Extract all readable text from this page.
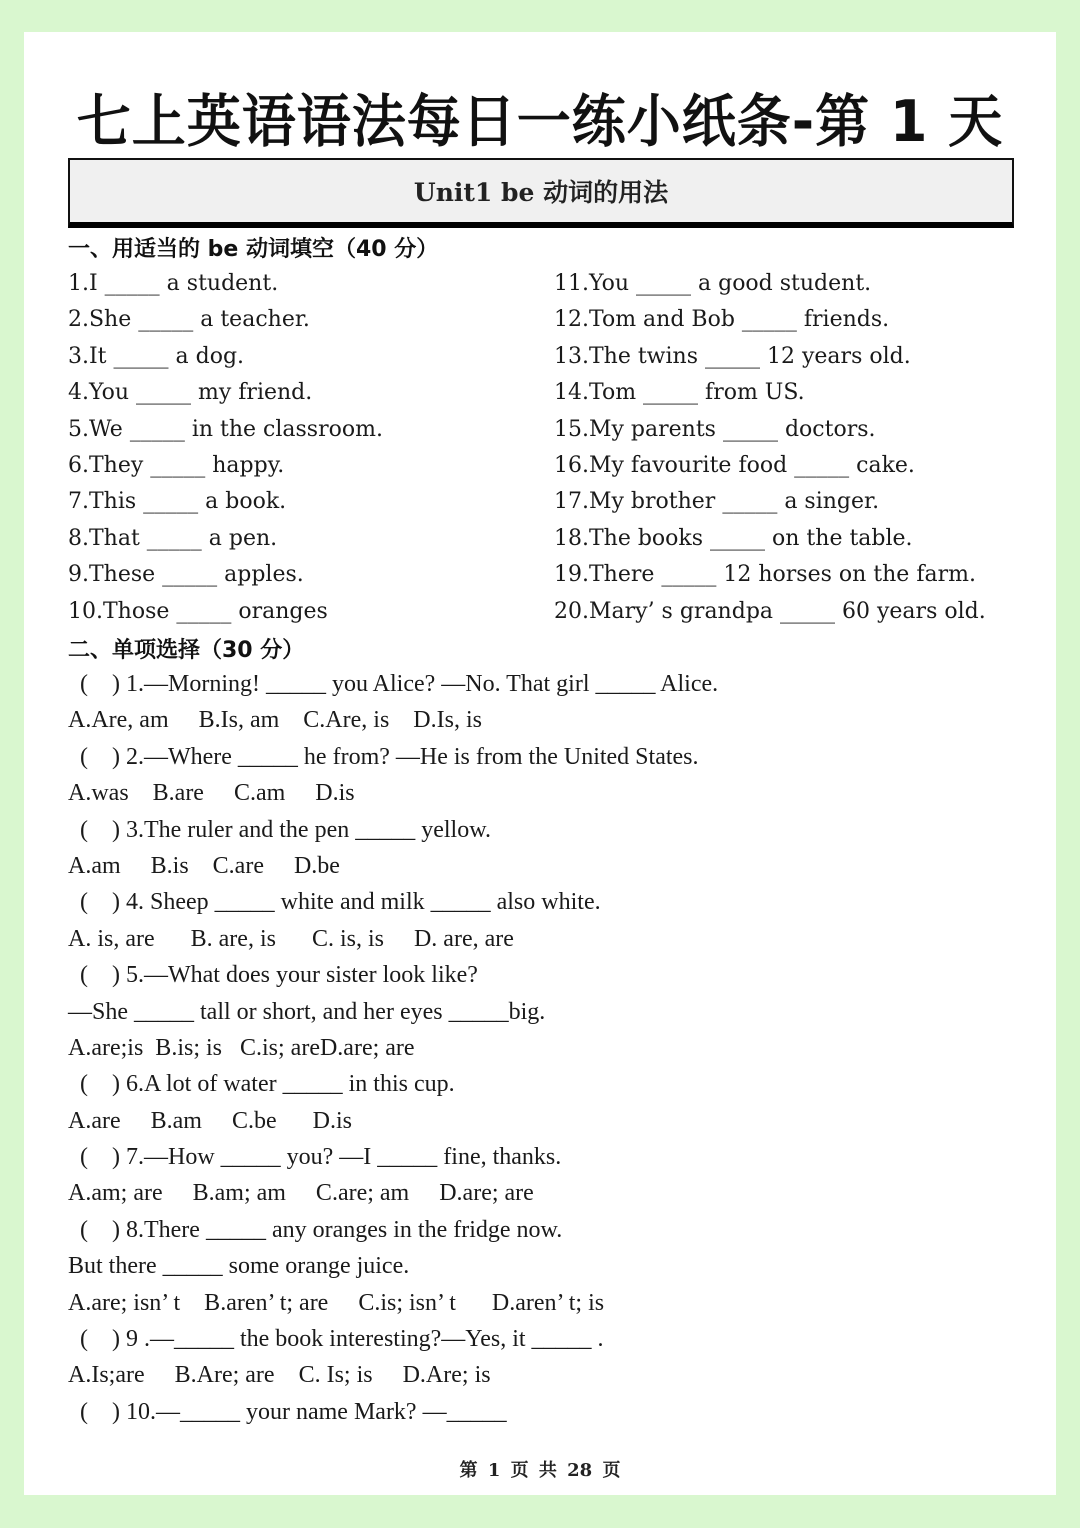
七上英语语法每日一练小纸条-第 1 天
Unit1 be 动词的用法
一、用适当的 be 动词填空（40 分）
1.I _____ a student.
2.She _____ a teacher.
3.It _____ a dog.
4.You _____ my friend.
5.We _____ in the classroom.
6.They _____ happy.
7.This _____ a book.
8.That _____ a pen.
9.These _____ apples.
10.Those _____ oranges
11.You _____ a good student.
12.Tom and Bob _____ friends.
13.The twins _____ 12 years old.
14.Tom _____ from US.
15.My parents _____ doctors.
16.My favourite food _____ cake.
17.My brother _____ a singer.
18.The books _____ on the table.
19.There _____ 12 horses on the farm.
20.Mary’ s grandpa _____ 60 years old.
二、单项选择（30 分）
(    ) 1.—Morning! _____ you Alice? —No. That girl _____ Alice.
A.Are, am     B.Is, am    C.Are, is    D.Is, is
(    ) 2.—Where _____ he from? —He is from the United States.
A.was    B.are     C.am     D.is
(    ) 3.The ruler and the pen _____ yellow.
A.am     B.is    C.are     D.be
(    ) 4. Sheep _____ white and milk _____ also white.
A. is, are      B. are, is      C. is, is     D. are, are
(    ) 5.—What does your sister look like?
—She _____ tall or short, and her eyes _____big.
A.are;is  B.is; is   C.is; areD.are; are
(    ) 6.A lot of water _____ in this cup.
A.are     B.am     C.be      D.is
(    ) 7.—How _____ you? —I _____ fine, thanks.
A.am; are     B.am; am     C.are; am     D.are; are
(    ) 8.There _____ any oranges in the fridge now.
But there _____ some orange juice.
A.are; isn’ t    B.aren’ t; are     C.is; isn’ t      D.aren’ t; is
(    ) 9 .—_____ the book interesting?—Yes, it _____ .
A.Is;are     B.Are; are    C. Is; is     D.Are; is
(    ) 10.—_____ your name Mark? —_____
第 1 页 共 28 页
